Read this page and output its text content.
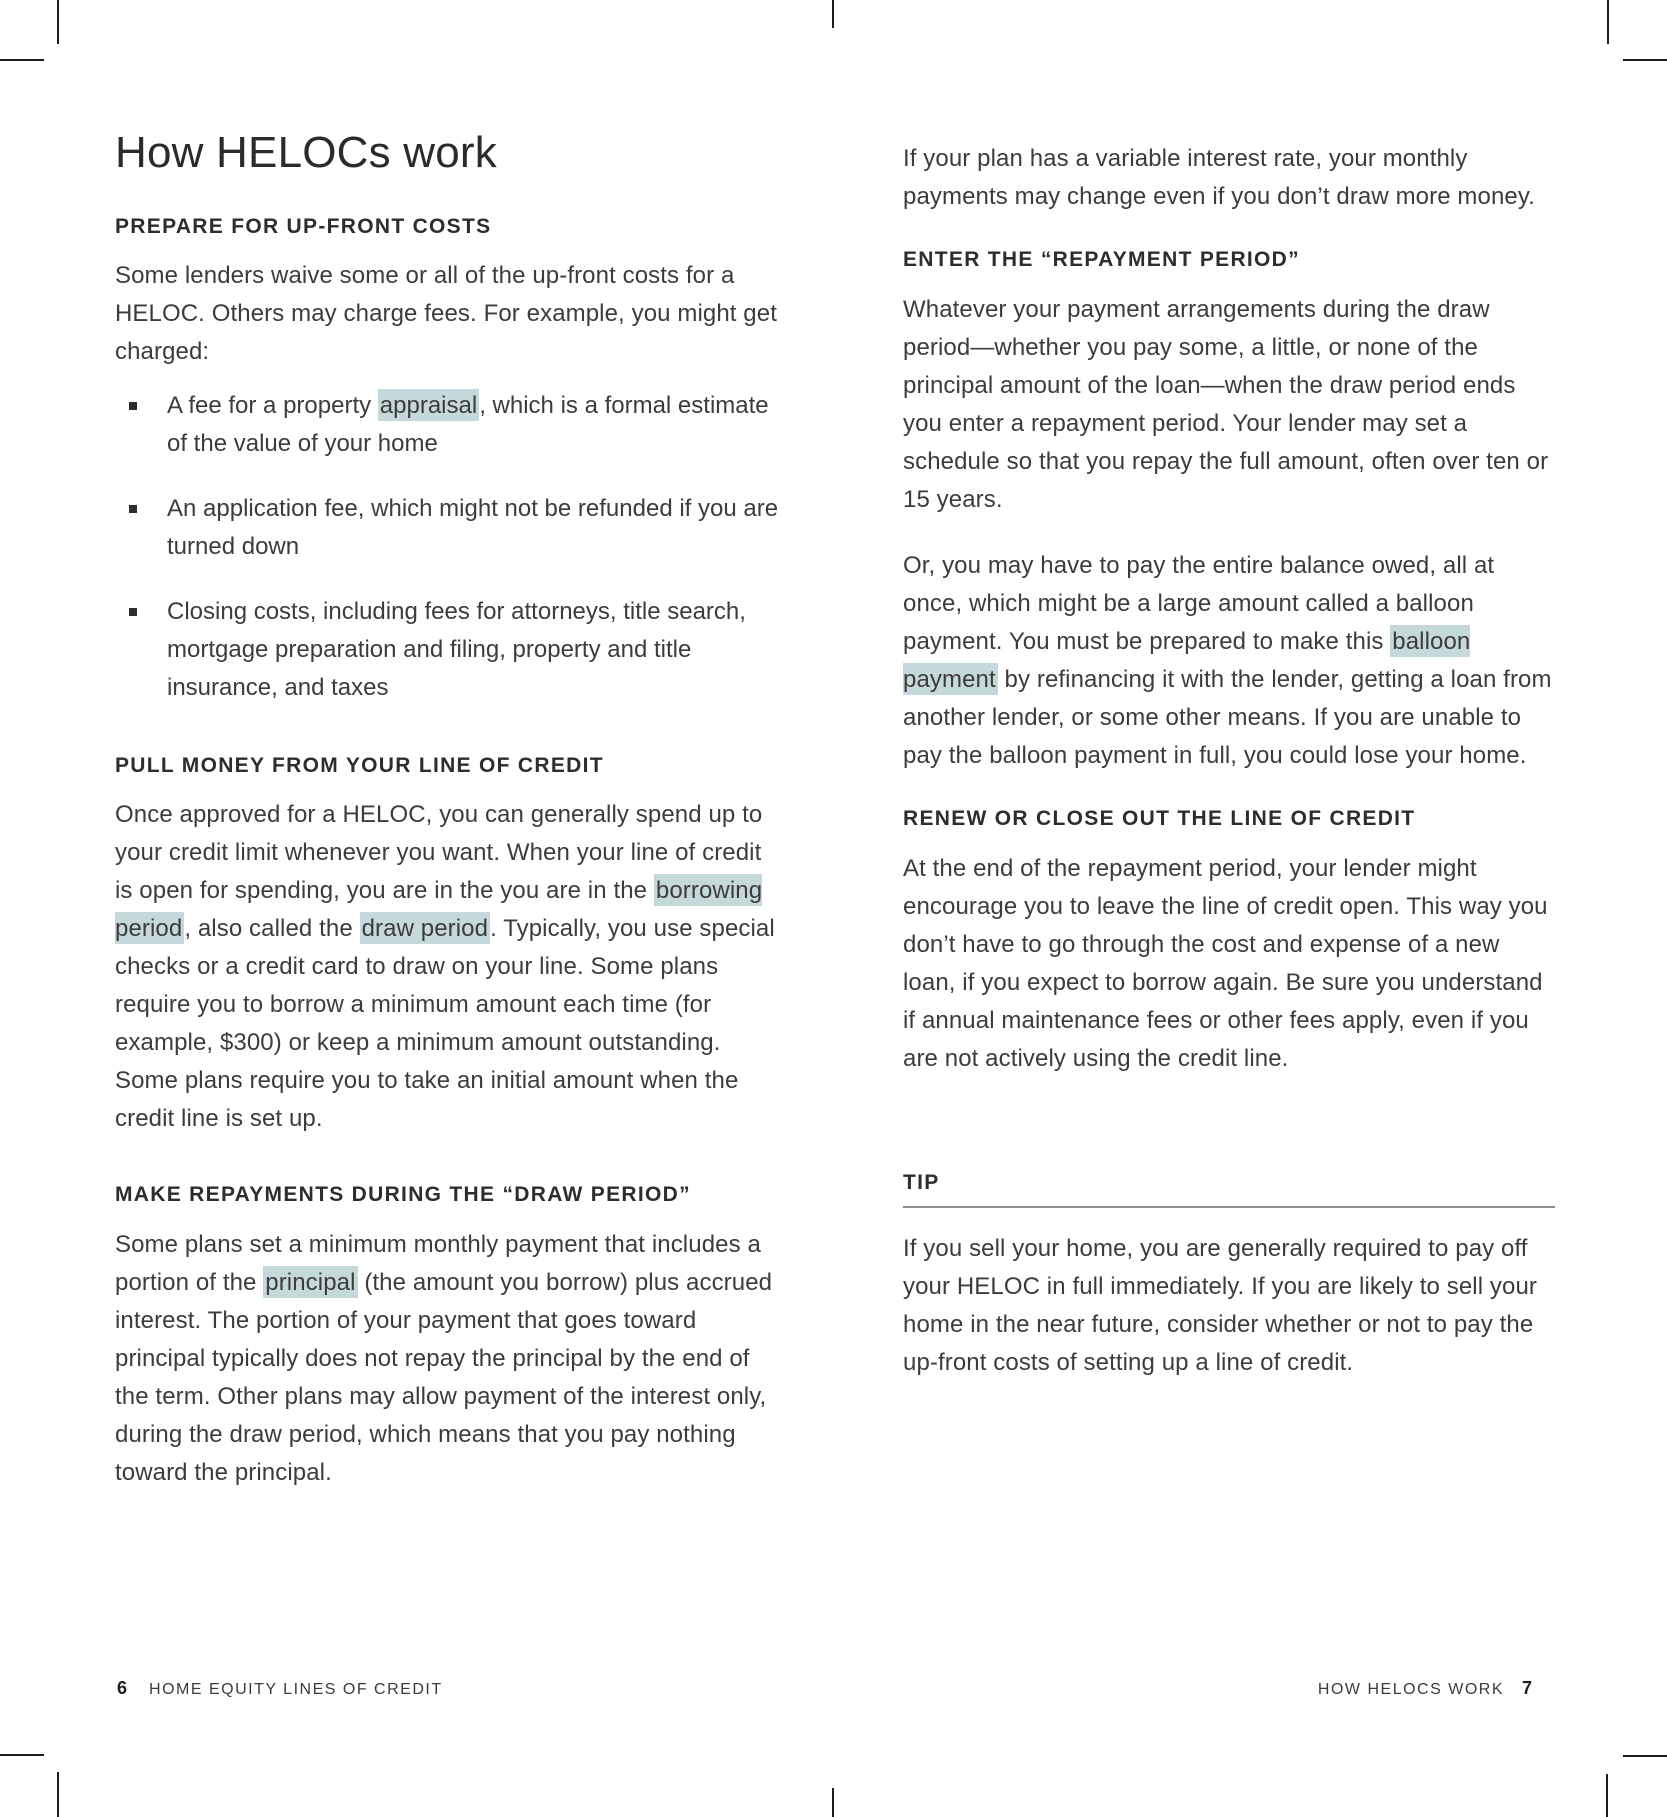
How HELOCs work
PREPARE FOR UP-FRONT COSTS

Some lenders waive some or all of the up-front costs for a HELOC. Others may charge fees. For example, you might get charged:

A fee for a property appraisal, which is a formal estimate of the value of your home
An application fee, which might not be refunded if you are turned down
Closing costs, including fees for attorneys, title search, mortgage preparation and filing, property and title insurance, and taxes
PULL MONEY FROM YOUR LINE OF CREDIT

Once approved for a HELOC, you can generally spend up to your credit limit whenever you want. When your line of credit is open for spending, you are in the you are in the borrowing period, also called the draw period. Typically, you use special checks or a credit card to draw on your line. Some plans require you to borrow a minimum amount each time (for example, $300) or keep a minimum amount outstanding. Some plans require you to take an initial amount when the credit line is set up.

MAKE REPAYMENTS DURING THE “DRAW PERIOD”

Some plans set a minimum monthly payment that includes a portion of the principal (the amount you borrow) plus accrued interest. The portion of your payment that goes toward principal typically does not repay the principal by the end of the term. Other plans may allow payment of the interest only, during the draw period, which means that you pay nothing toward the principal.

If your plan has a variable interest rate, your monthly payments may change even if you don’t draw more money.

ENTER THE “REPAYMENT PERIOD”

Whatever your payment arrangements during the draw period—whether you pay some, a little, or none of the principal amount of the loan—when the draw period ends you enter a repayment period. Your lender may set a schedule so that you repay the full amount, often over ten or 15 years.

Or, you may have to pay the entire balance owed, all at once, which might be a large amount called a balloon payment. You must be prepared to make this balloon payment by refinancing it with the lender, getting a loan from another lender, or some other means. If you are unable to pay the balloon payment in full, you could lose your home.

RENEW OR CLOSE OUT THE LINE OF CREDIT

At the end of the repayment period, your lender might encourage you to leave the line of credit open. This way you don’t have to go through the cost and expense of a new loan, if you expect to borrow again. Be sure you understand if annual maintenance fees or other fees apply, even if you are not actively using the credit line.

TIP

If you sell your home, you are generally required to pay off your HELOC in full immediately. If you are likely to sell your home in the near future, consider whether or not to pay the up-front costs of setting up a line of credit.

6 HOME EQUITY LINES OF CREDIT	HOW HELOCS WORK 7
